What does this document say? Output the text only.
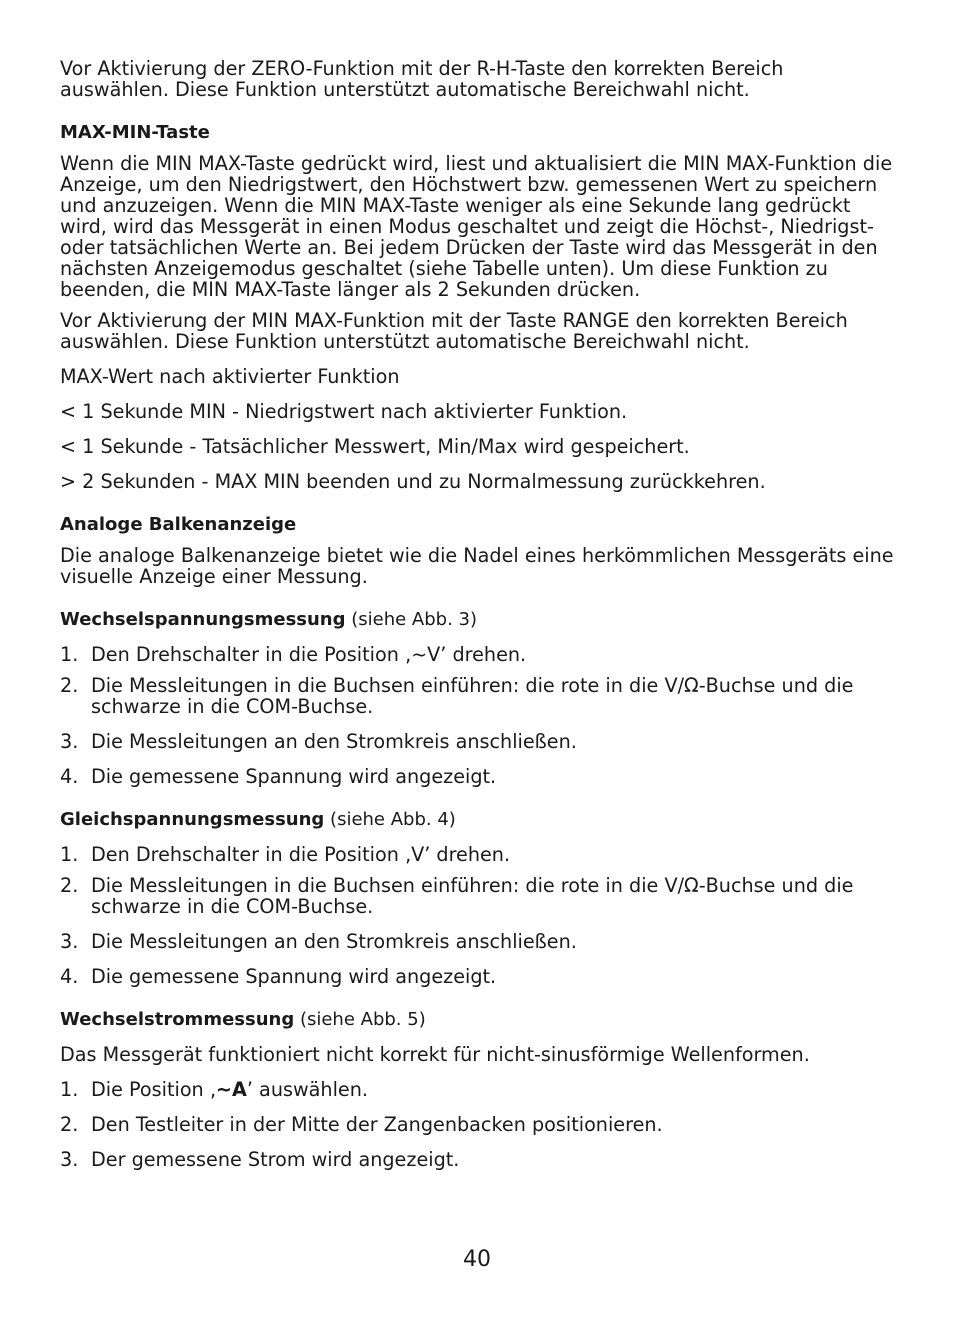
Vor Aktivierung der ZERO-Funktion mit der R-H-Taste den korrekten Bereich auswählen. Diese Funktion unterstützt automatische Bereichwahl nicht.

MAX-MIN-Taste

Wenn die MIN MAX-Taste gedrückt wird, liest und aktualisiert die MIN MAX-Funktion die Anzeige, um den Niedrigstwert, den Höchstwert bzw. gemessenen Wert zu speichern und anzuzeigen. Wenn die MIN MAX-Taste weniger als eine Sekunde lang gedrückt wird, wird das Messgerät in einen Modus geschaltet und zeigt die Höchst-, Niedrigst- oder tatsächlichen Werte an. Bei jedem Drücken der Taste wird das Messgerät in den nächsten Anzeigemodus geschaltet (siehe Tabelle unten). Um diese Funktion zu beenden, die MIN MAX-Taste länger als 2 Sekunden drücken.

Vor Aktivierung der MIN MAX-Funktion mit der Taste RANGE den korrekten Bereich auswählen. Diese Funktion unterstützt automatische Bereichwahl nicht.

MAX-Wert nach aktivierter Funktion

< 1 Sekunde MIN - Niedrigstwert nach aktivierter Funktion.

< 1 Sekunde - Tatsächlicher Messwert, Min/Max wird gespeichert.

> 2 Sekunden - MAX MIN beenden und zu Normalmessung zurückkehren.

Analoge Balkenanzeige

Die analoge Balkenanzeige bietet wie die Nadel eines herkömmlichen Messgeräts eine visuelle Anzeige einer Messung.

Wechselspannungsmessung (siehe Abb. 3)

1. Den Drehschalter in die Position ‚~V’ drehen.
2. Die Messleitungen in die Buchsen einführen: die rote in die V/Ω-Buchse und die schwarze in die COM-Buchse.
3. Die Messleitungen an den Stromkreis anschließen.
4. Die gemessene Spannung wird angezeigt.

Gleichspannungsmessung (siehe Abb. 4)

1. Den Drehschalter in die Position ‚V’ drehen.
2. Die Messleitungen in die Buchsen einführen: die rote in die V/Ω-Buchse und die schwarze in die COM-Buchse.
3. Die Messleitungen an den Stromkreis anschließen.
4. Die gemessene Spannung wird angezeigt.

Wechselstrommessung (siehe Abb. 5)

Das Messgerät funktioniert nicht korrekt für nicht-sinusförmige Wellenformen.

1. Die Position ‚~A’ auswählen.
2. Den Testleiter in der Mitte der Zangenbacken positionieren.
3. Der gemessene Strom wird angezeigt.
40
